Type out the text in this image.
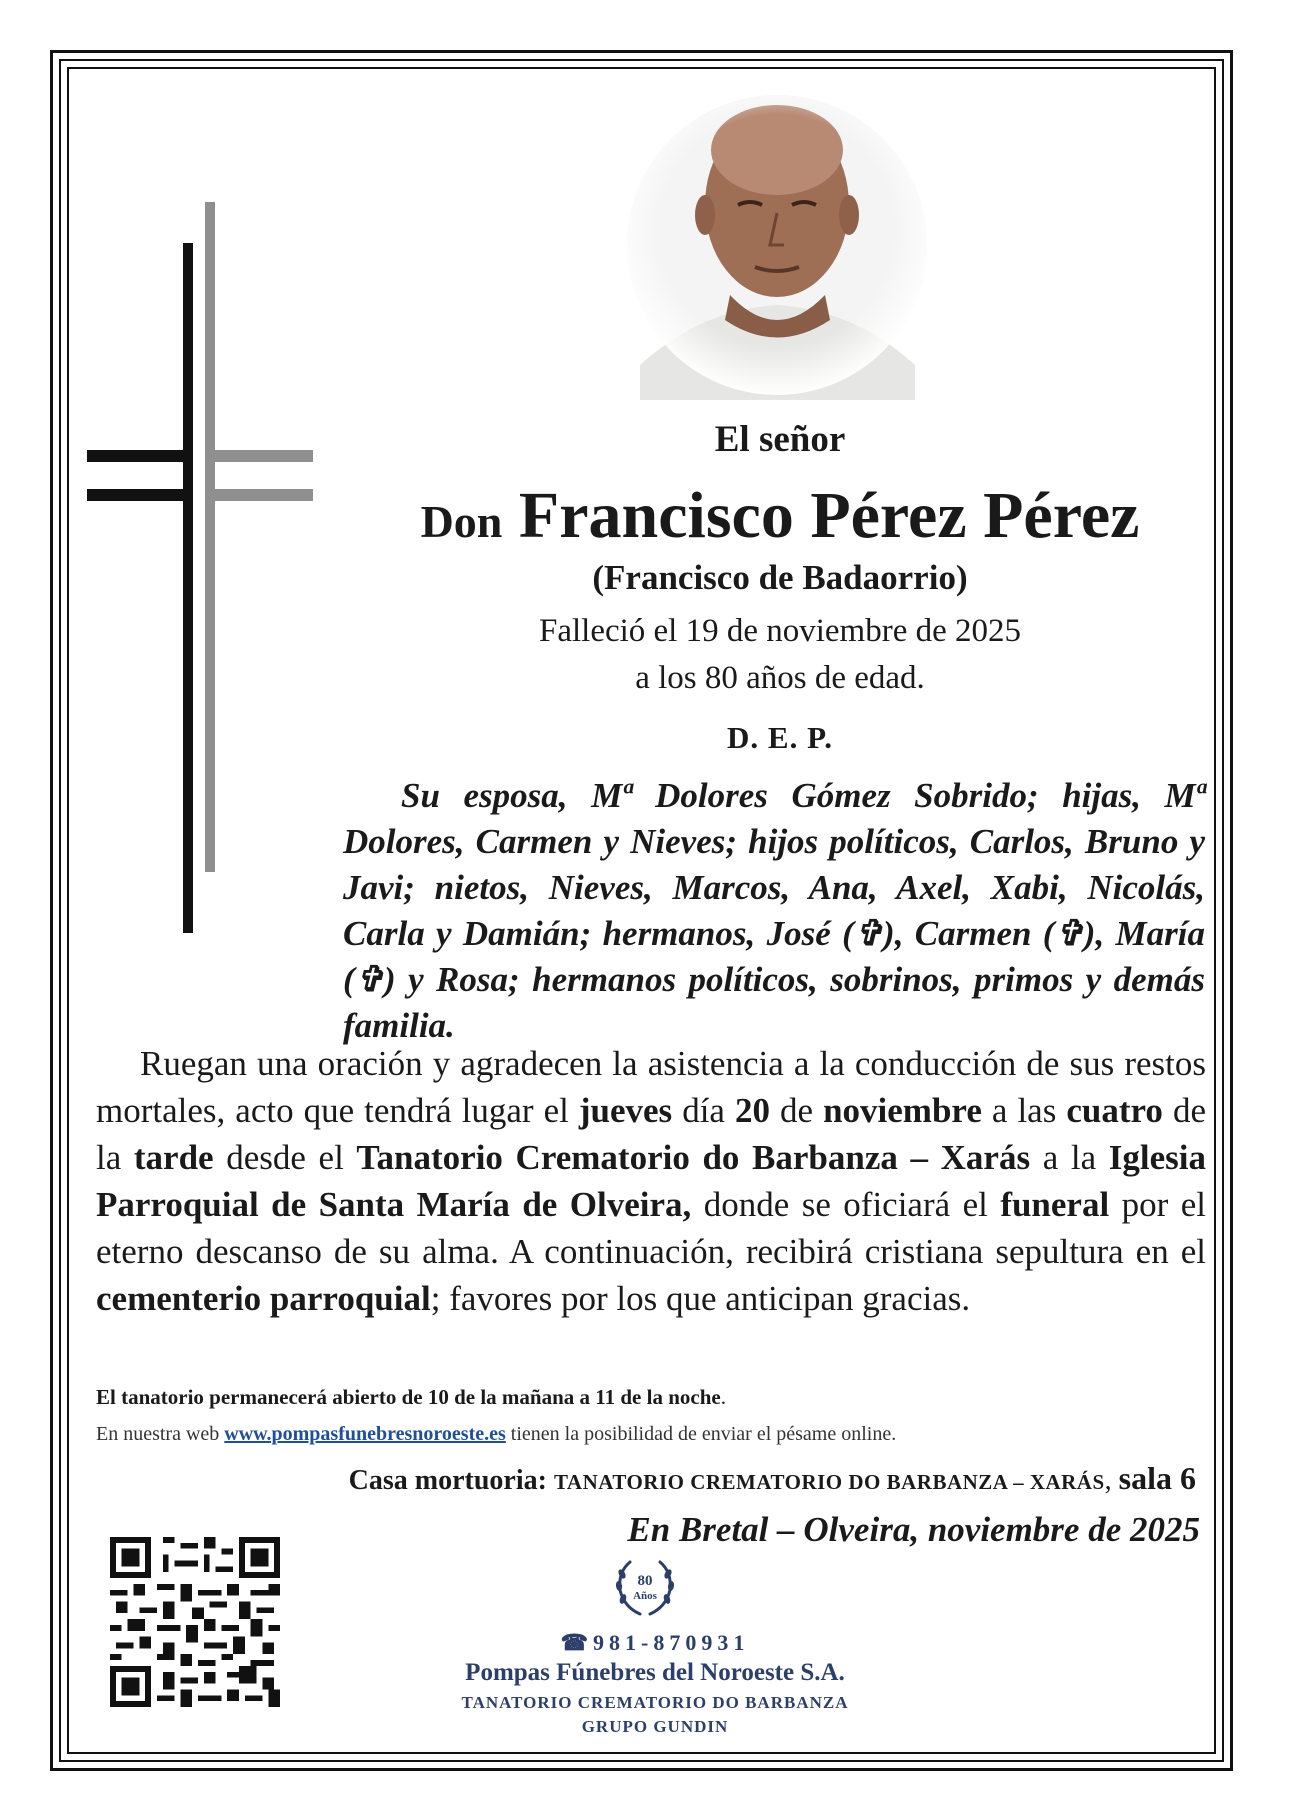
El señor

Don Francisco Pérez Pérez

(Francisco de Badaorrio)

Falleció el 19 de noviembre de 2025

a los 80 años de edad.

D. E. P.

Su esposa, Mª Dolores Gómez Sobrido; hijas, Mª Dolores, Carmen y Nieves; hijos políticos, Carlos, Bruno y Javi; nietos, Nieves, Marcos, Ana, Axel, Xabi, Nicolás, Carla y Damián; hermanos, José (✞), Carmen (✞), María (✞) y Rosa; hermanos políticos, sobrinos, primos y demás familia.

Ruegan una oración y agradecen la asistencia a la conducción de sus restos mortales, acto que tendrá lugar el jueves día 20 de noviembre a las cuatro de la tarde desde el Tanatorio Crematorio do Barbanza – Xarás a la Iglesia Parroquial de Santa María de Olveira, donde se oficiará el funeral por el eterno descanso de su alma. A continuación, recibirá cristiana sepultura en el cementerio parroquial; favores por los que anticipan gracias.

El tanatorio permanecerá abierto de 10 de la mañana a 11 de la noche.

En nuestra web www.pompasfunebresnoroeste.es tienen la posibilidad de enviar el pésame online.

Casa mortuoria: TANATORIO CREMATORIO DO BARBANZA – XARÁS, sala 6

En Bretal – Olveira, noviembre de 2025

80
Años

☎981-870931

Pompas Fúnebres del Noroeste S.A.

TANATORIO CREMATORIO DO BARBANZA

GRUPO GUNDIN
